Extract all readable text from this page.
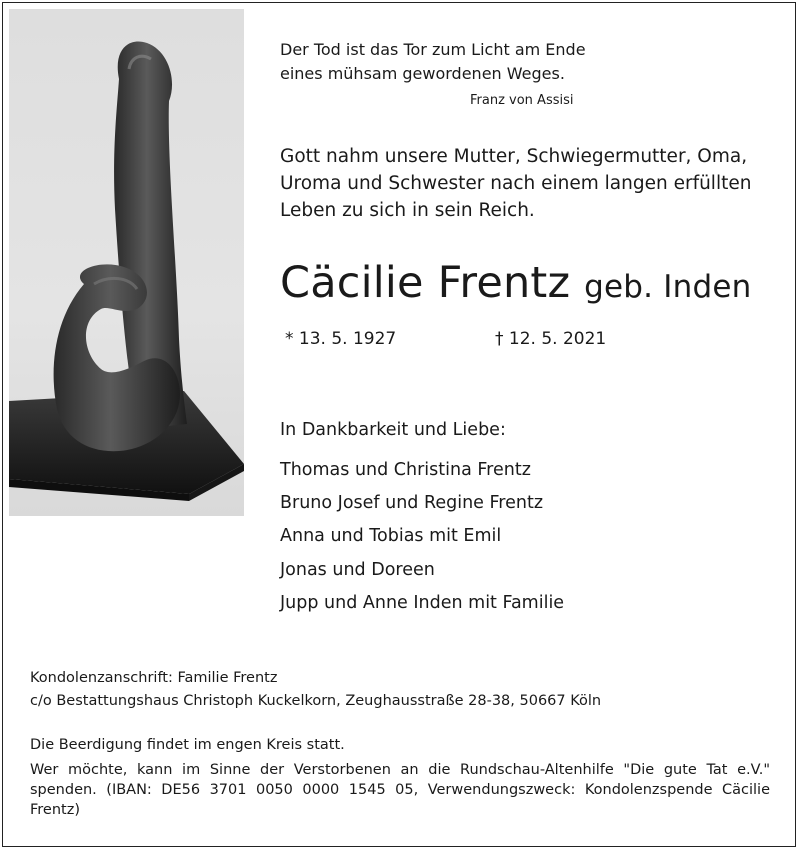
Der Tod ist das Tor zum Licht am Ende
eines mühsam gewordenen Weges.
Franz von Assisi
Gott nahm unsere Mutter, Schwiegermutter, Oma,
Uroma und Schwester nach einem langen erfüllten
Leben zu sich in sein Reich.
Cäcilie Frentz geb. Inden
* 13. 5. 1927	† 12. 5. 2021
In Dankbarkeit und Liebe:
Thomas und Christina Frentz
Bruno Josef und Regine Frentz
Anna und Tobias mit Emil
Jonas und Doreen
Jupp und Anne Inden mit Familie
Kondolenzanschrift: Familie Frentz
c/o Bestattungshaus Christoph Kuckelkorn, Zeughausstraße 28-38, 50667 Köln
Die Beerdigung findet im engen Kreis statt.
Wer möchte, kann im Sinne der Verstorbenen an die Rundschau-Altenhilfe "Die gute Tat e.V." spenden. (IBAN: DE56 3701 0050 0000 1545 05, Verwendungszweck: Kondolenzspende Cäcilie Frentz)
